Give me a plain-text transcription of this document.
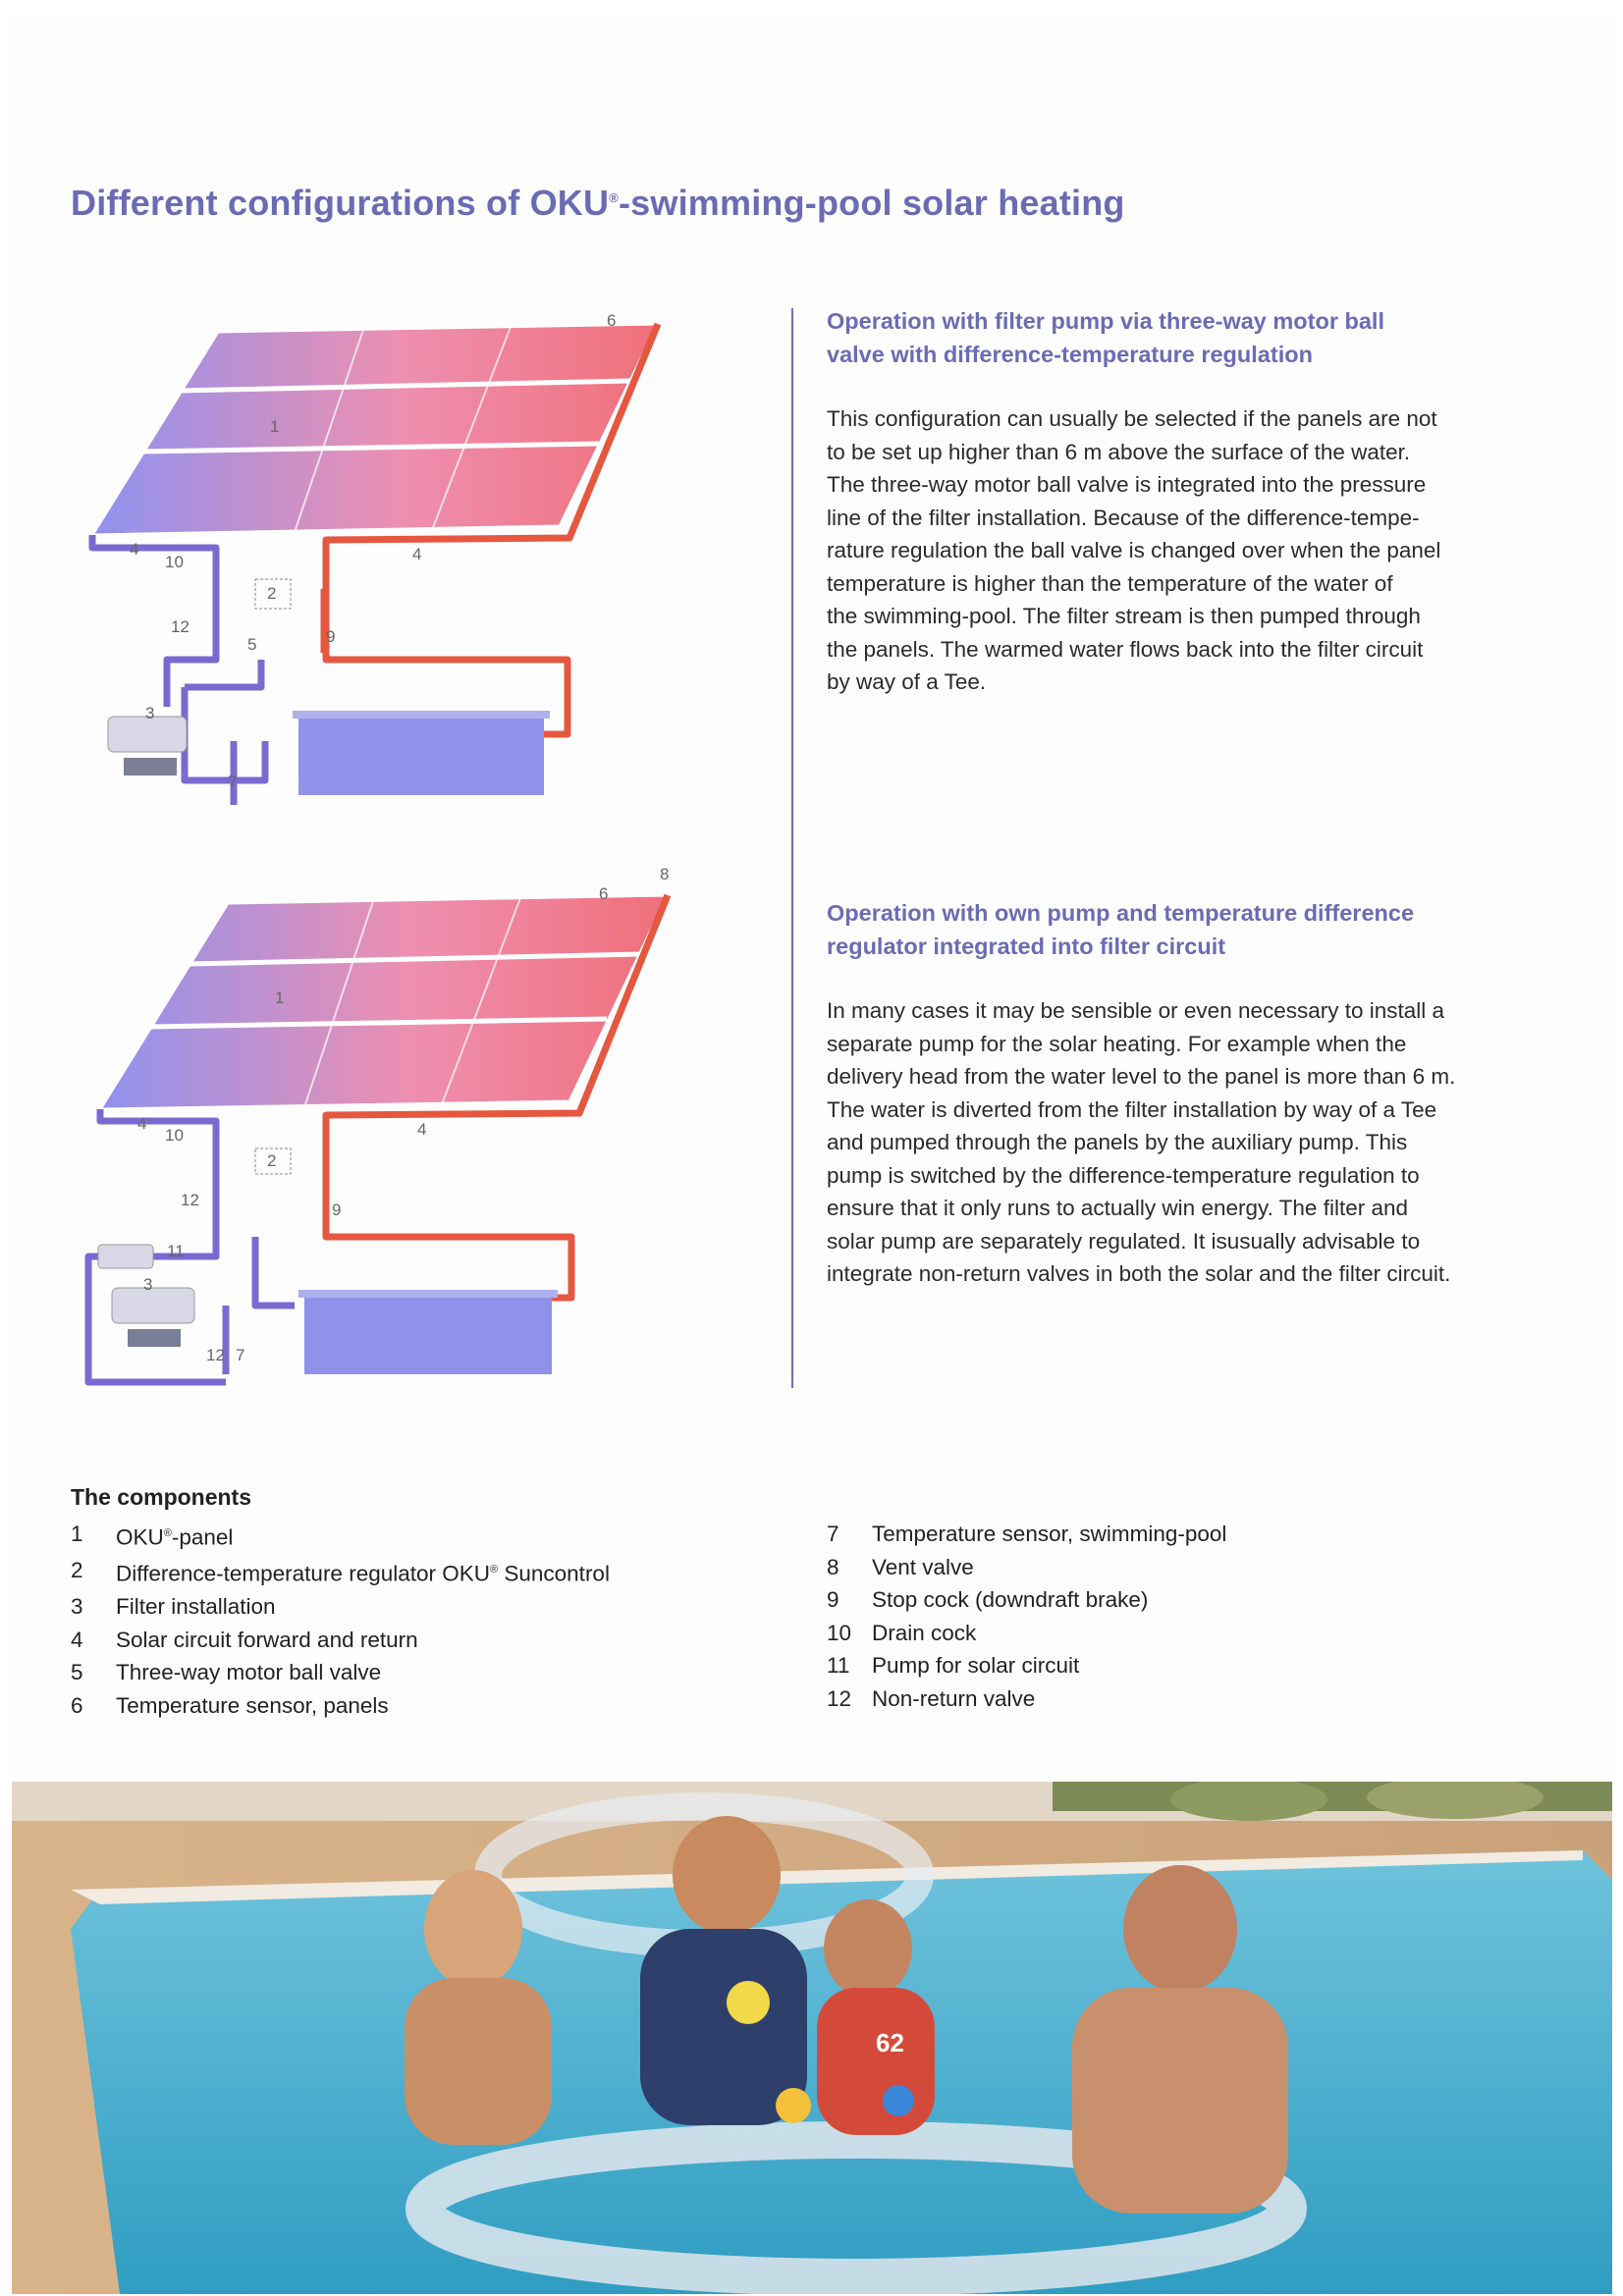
Different configurations of OKU®-swimming-pool solar heating
6
1
4	4
10
2
12
5	9
3
7
8
6
1
4	4
10
2
12
9
11
3
12 7
Operation with filter pump via three-way motor ball
valve with difference-temperature regulation
This configuration can usually be selected if the panels are not
to be set up higher than 6 m above the surface of the water.
The three-way motor ball valve is integrated into the pressure
line of the filter installation. Because of the difference-tempe-
rature regulation the ball valve is changed over when the panel
temperature is higher than the temperature of the water of
the swimming-pool. The filter stream is then pumped through
the panels. The warmed water flows back into the filter circuit
by way of a Tee.
Operation with own pump and temperature difference
regulator integrated into filter circuit
In many cases it may be sensible or even necessary to install a
separate pump for the solar heating. For example when the
delivery head from the water level to the panel is more than 6 m.
The water is diverted from the filter installation by way of a Tee
and pumped through the panels by the auxiliary pump. This
pump is switched by the difference-temperature regulation to
ensure that it only runs to actually win energy. The filter and
solar pump are separately regulated. It isusually advisable to
integrate non-return valves in both the solar and the filter circuit.
The components
1	OKU®-panel
2	Difference-temperature regulator OKU® Suncontrol
3	Filter installation
4	Solar circuit forward and return
5	Three-way motor ball valve
6	Temperature sensor, panels
7	Temperature sensor, swimming-pool
8	Vent valve
9	Stop cock (downdraft brake)
10 Drain cock
11	Pump for solar circuit
12 Non-return valve
62
